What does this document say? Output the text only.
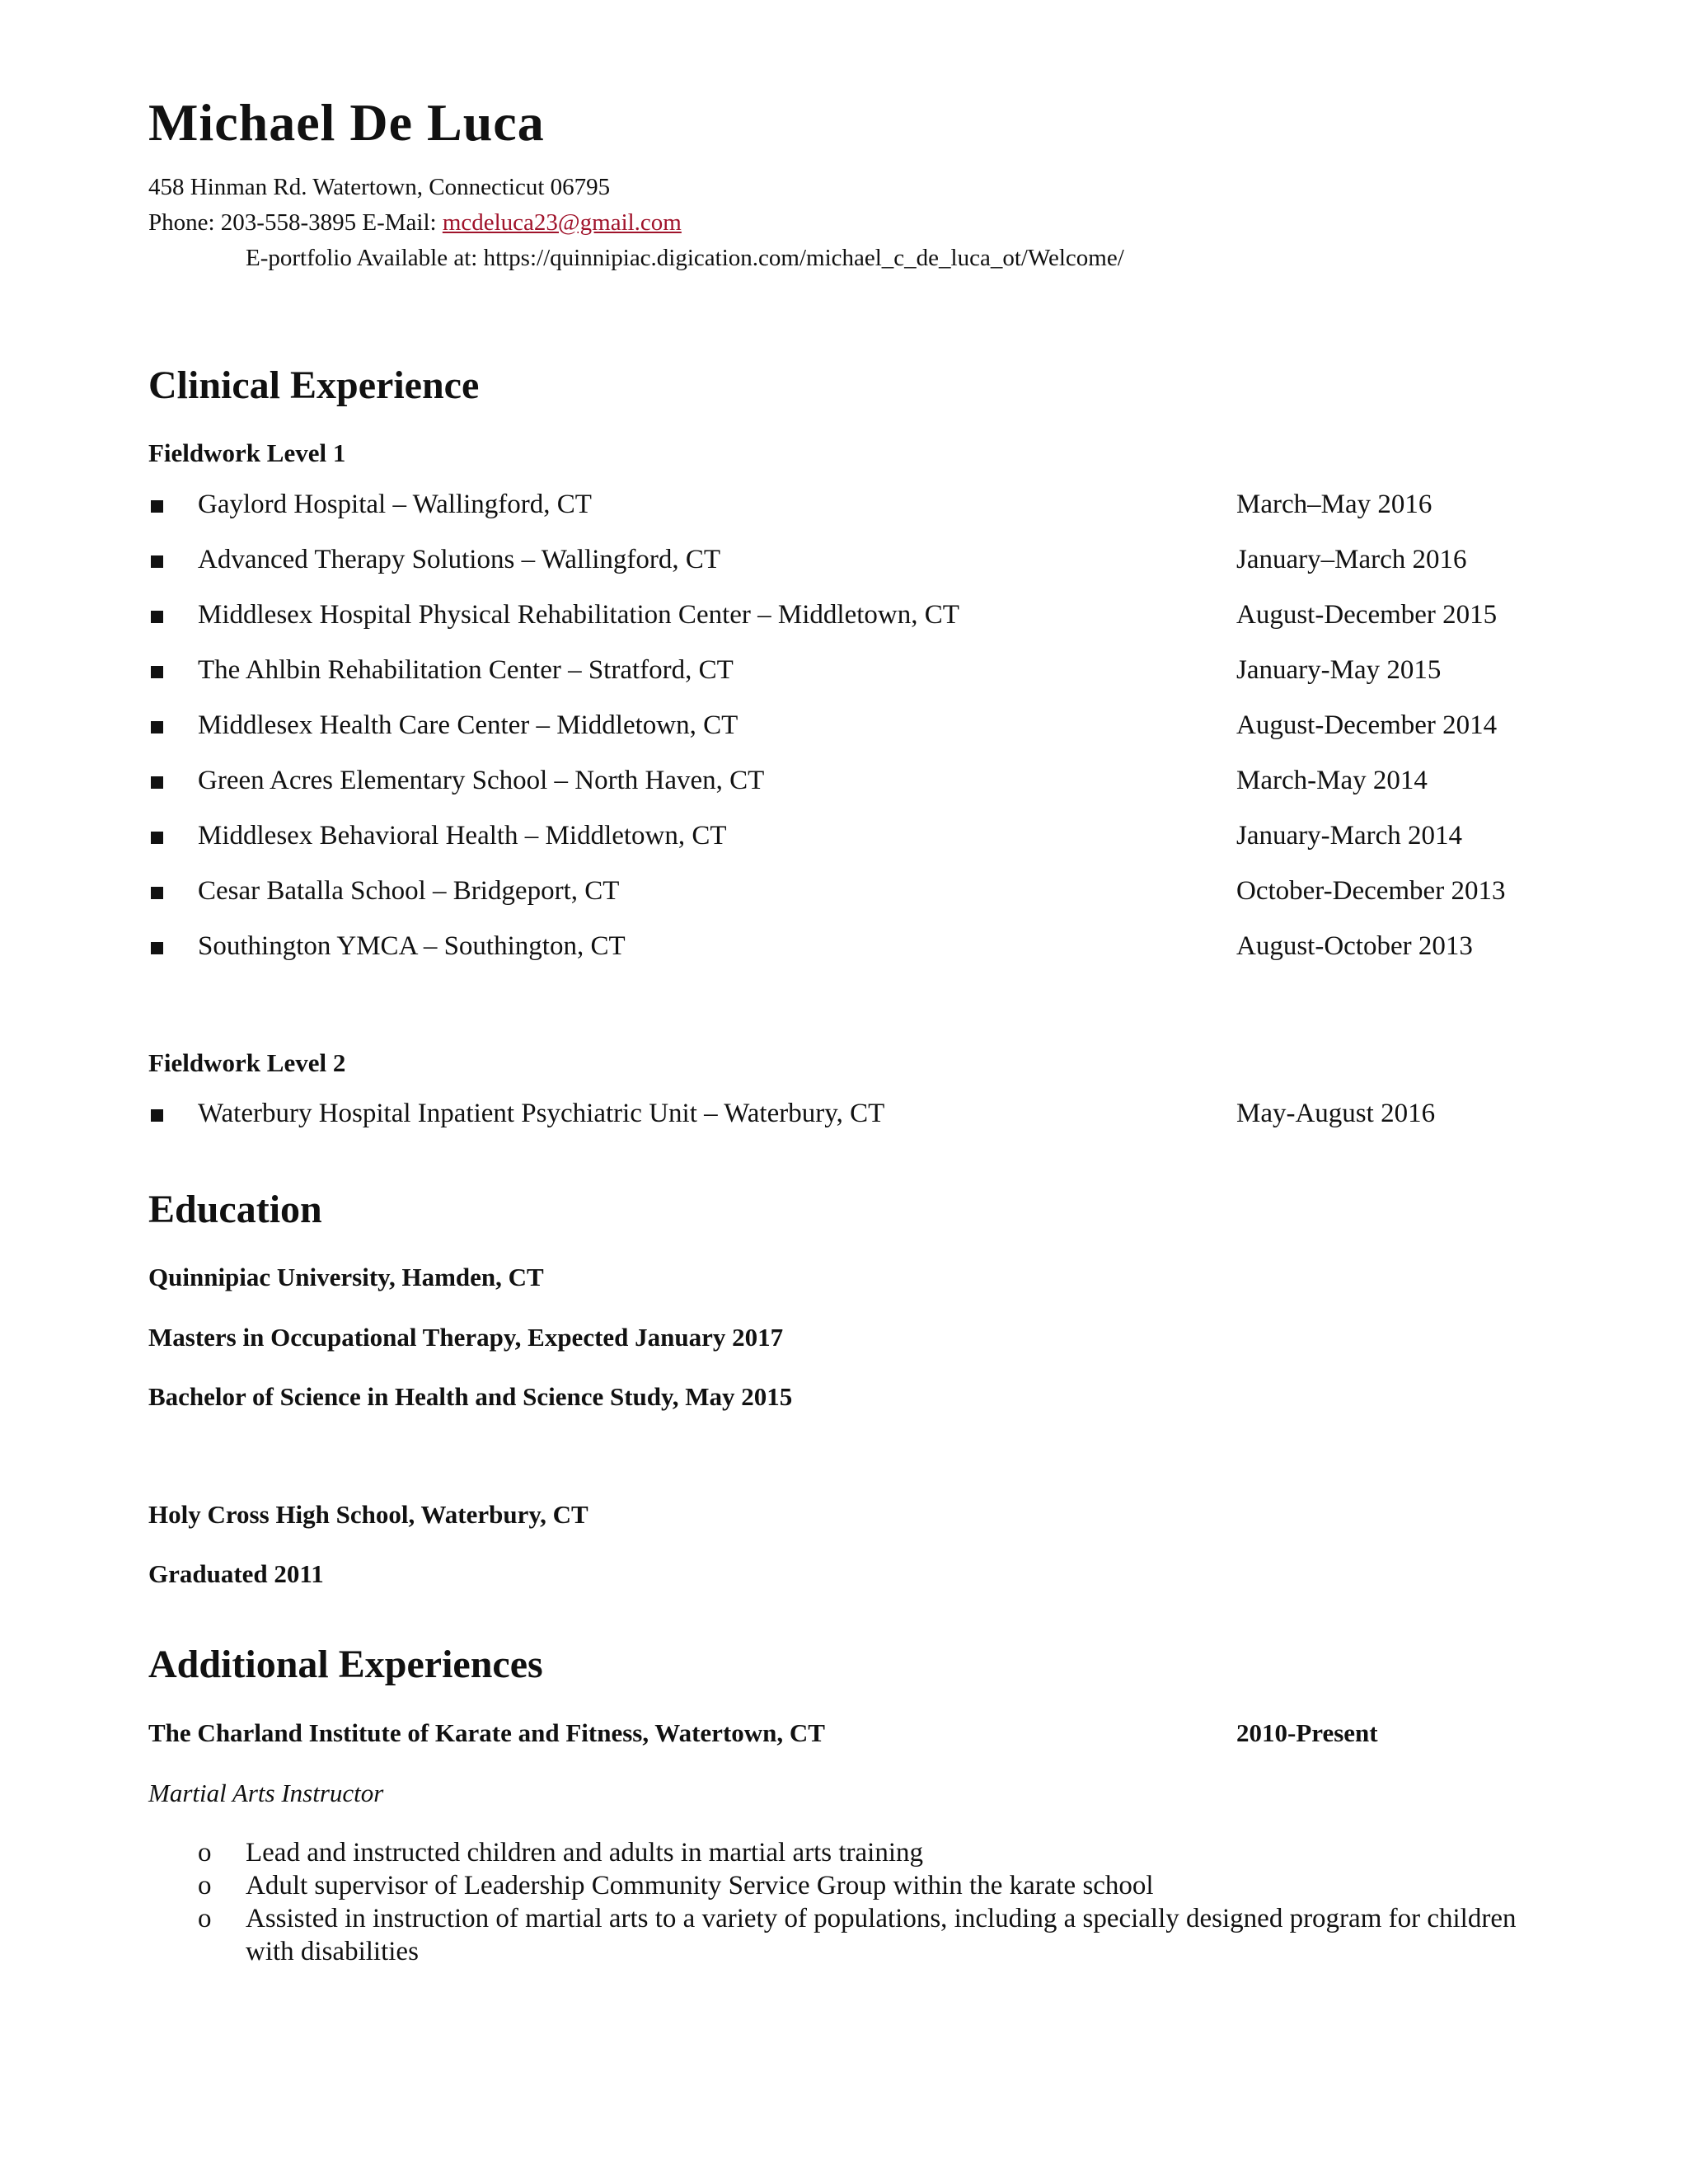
Michael De Luca
458 Hinman Rd. Watertown, Connecticut 06795
Phone: 203-558-3895 E-Mail: mcdeluca23@gmail.com
E-portfolio Available at: https://quinnipiac.digication.com/michael_c_de_luca_ot/Welcome/
Clinical Experience
Fieldwork Level 1
Gaylord Hospital – Wallingford, CT	March–May 2016
Advanced Therapy Solutions – Wallingford, CT	January–March 2016
Middlesex Hospital Physical Rehabilitation Center – Middletown, CT	August-December 2015
The Ahlbin Rehabilitation Center – Stratford, CT	January-May 2015
Middlesex Health Care Center – Middletown, CT	August-December 2014
Green Acres Elementary School – North Haven, CT	March-May 2014
Middlesex Behavioral Health – Middletown, CT	January-March 2014
Cesar Batalla School – Bridgeport, CT	October-December 2013
Southington YMCA – Southington, CT	August-October 2013
Fieldwork Level 2
Waterbury Hospital Inpatient Psychiatric Unit – Waterbury, CT	May-August 2016
Education
Quinnipiac University, Hamden, CT
Masters in Occupational Therapy, Expected January 2017
Bachelor of Science in Health and Science Study, May 2015
Holy Cross High School, Waterbury, CT
Graduated 2011
Additional Experiences
The Charland Institute of Karate and Fitness, Watertown, CT	2010-Present
Martial Arts Instructor
o Lead and instructed children and adults in martial arts training
o Adult supervisor of Leadership Community Service Group within the karate school
o Assisted in instruction of martial arts to a variety of populations, including a specially designed program for children with disabilities
